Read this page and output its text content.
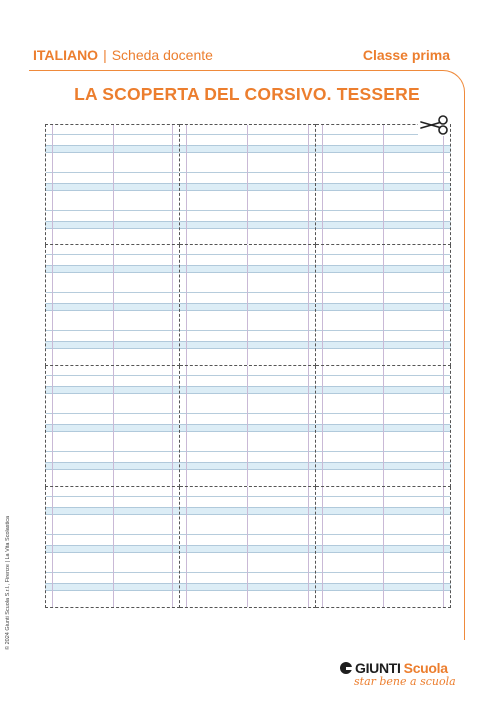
ITALIANO | Scheda docente	Classe prima
LA SCOPERTA DEL CORSIVO. TESSERE
© 2024 Giunti Scuola S.r.l., Firenze | La Vita Scolastica
GIUNTI Scuola
star bene a scuola
